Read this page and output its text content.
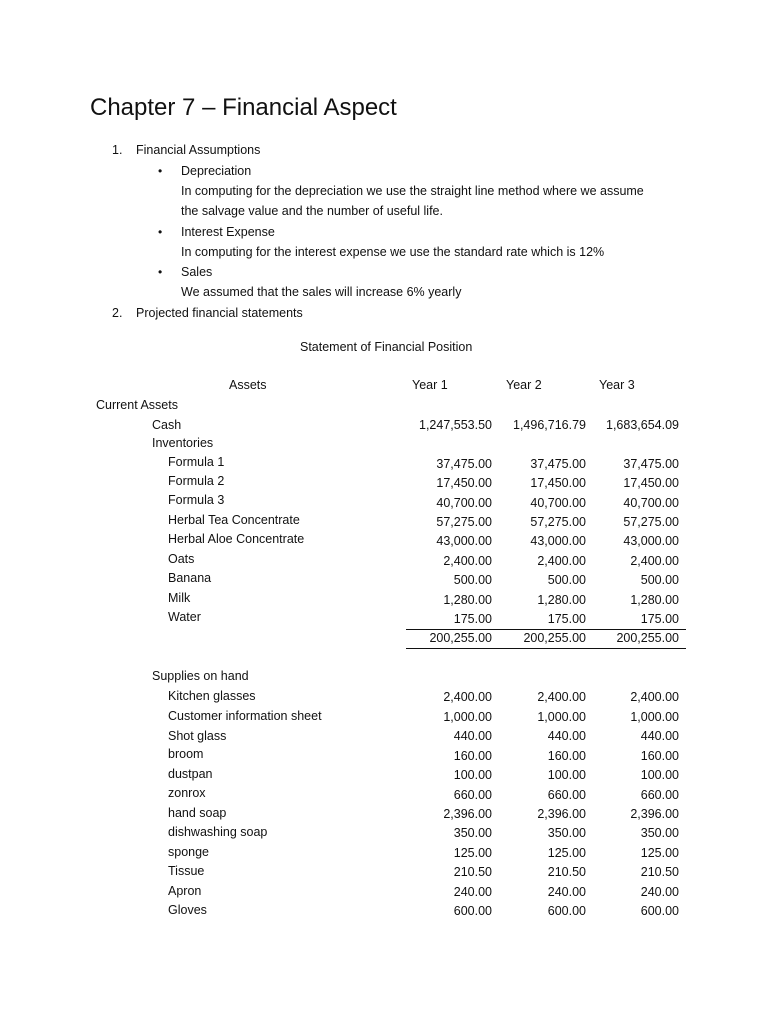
Chapter 7 – Financial Aspect
1. Financial Assumptions
• Depreciation
In computing for the depreciation we use the straight line method where we assume
the salvage value and the number of useful life.
• Interest Expense
In computing for the interest expense we use the standard rate which is 12%
• Sales
We assumed that the sales will increase 6% yearly
2. Projected financial statements
Statement of Financial Position
Assets	Year 1	Year 2	Year 3
Current Assets
Cash	1,247,553.50	1,496,716.79	1,683,654.09
Inventories
Formula 1	37,475.00	37,475.00	37,475.00
Formula 2	17,450.00	17,450.00	17,450.00
Formula 3	40,700.00	40,700.00	40,700.00
Herbal Tea Concentrate	57,275.00	57,275.00	57,275.00
Herbal Aloe Concentrate	43,000.00	43,000.00	43,000.00
Oats	2,400.00	2,400.00	2,400.00
Banana	500.00	500.00	500.00
Milk	1,280.00	1,280.00	1,280.00
Water	175.00	175.00	175.00
200,255.00	200,255.00	200,255.00
Supplies on hand
Kitchen glasses	2,400.00	2,400.00	2,400.00
Customer information sheet	1,000.00	1,000.00	1,000.00
Shot glass	440.00	440.00	440.00
broom	160.00	160.00	160.00
dustpan	100.00	100.00	100.00
zonrox	660.00	660.00	660.00
hand soap	2,396.00	2,396.00	2,396.00
dishwashing soap	350.00	350.00	350.00
sponge	125.00	125.00	125.00
Tissue	210.50	210.50	210.50
Apron	240.00	240.00	240.00
Gloves	600.00	600.00	600.00
